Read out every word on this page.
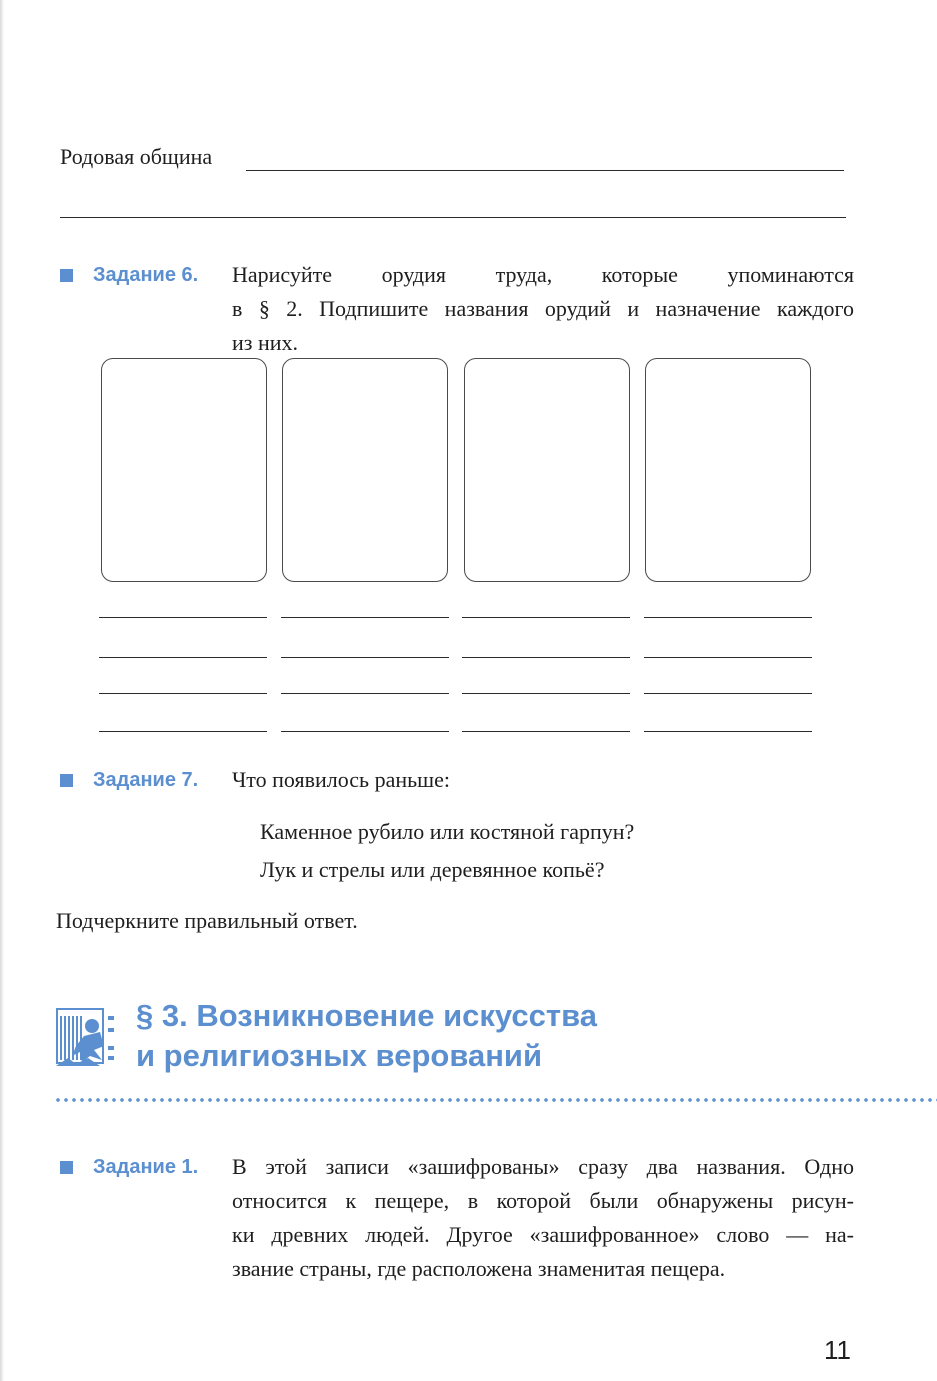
Родовая община
Задание 6. Нарисуйте орудия труда, которые упоминаются
в § 2. Подпишите названия орудий и назначение каждого
из них.
Задание 7. Что появилось раньше:
Каменное рубило или костяной гарпун?
Лук и стрелы или деревянное копьё?
Подчеркните правильный ответ.
§ 3. Возникновение искусства
и религиозных верований
Задание 1. В этой записи «зашифрованы» сразу два названия. Одно
относится к пещере, в которой были обнаружены рисун-
ки древних людей. Другое «зашифрованное» слово — на-
звание страны, где расположена знаменитая пещера.
11
